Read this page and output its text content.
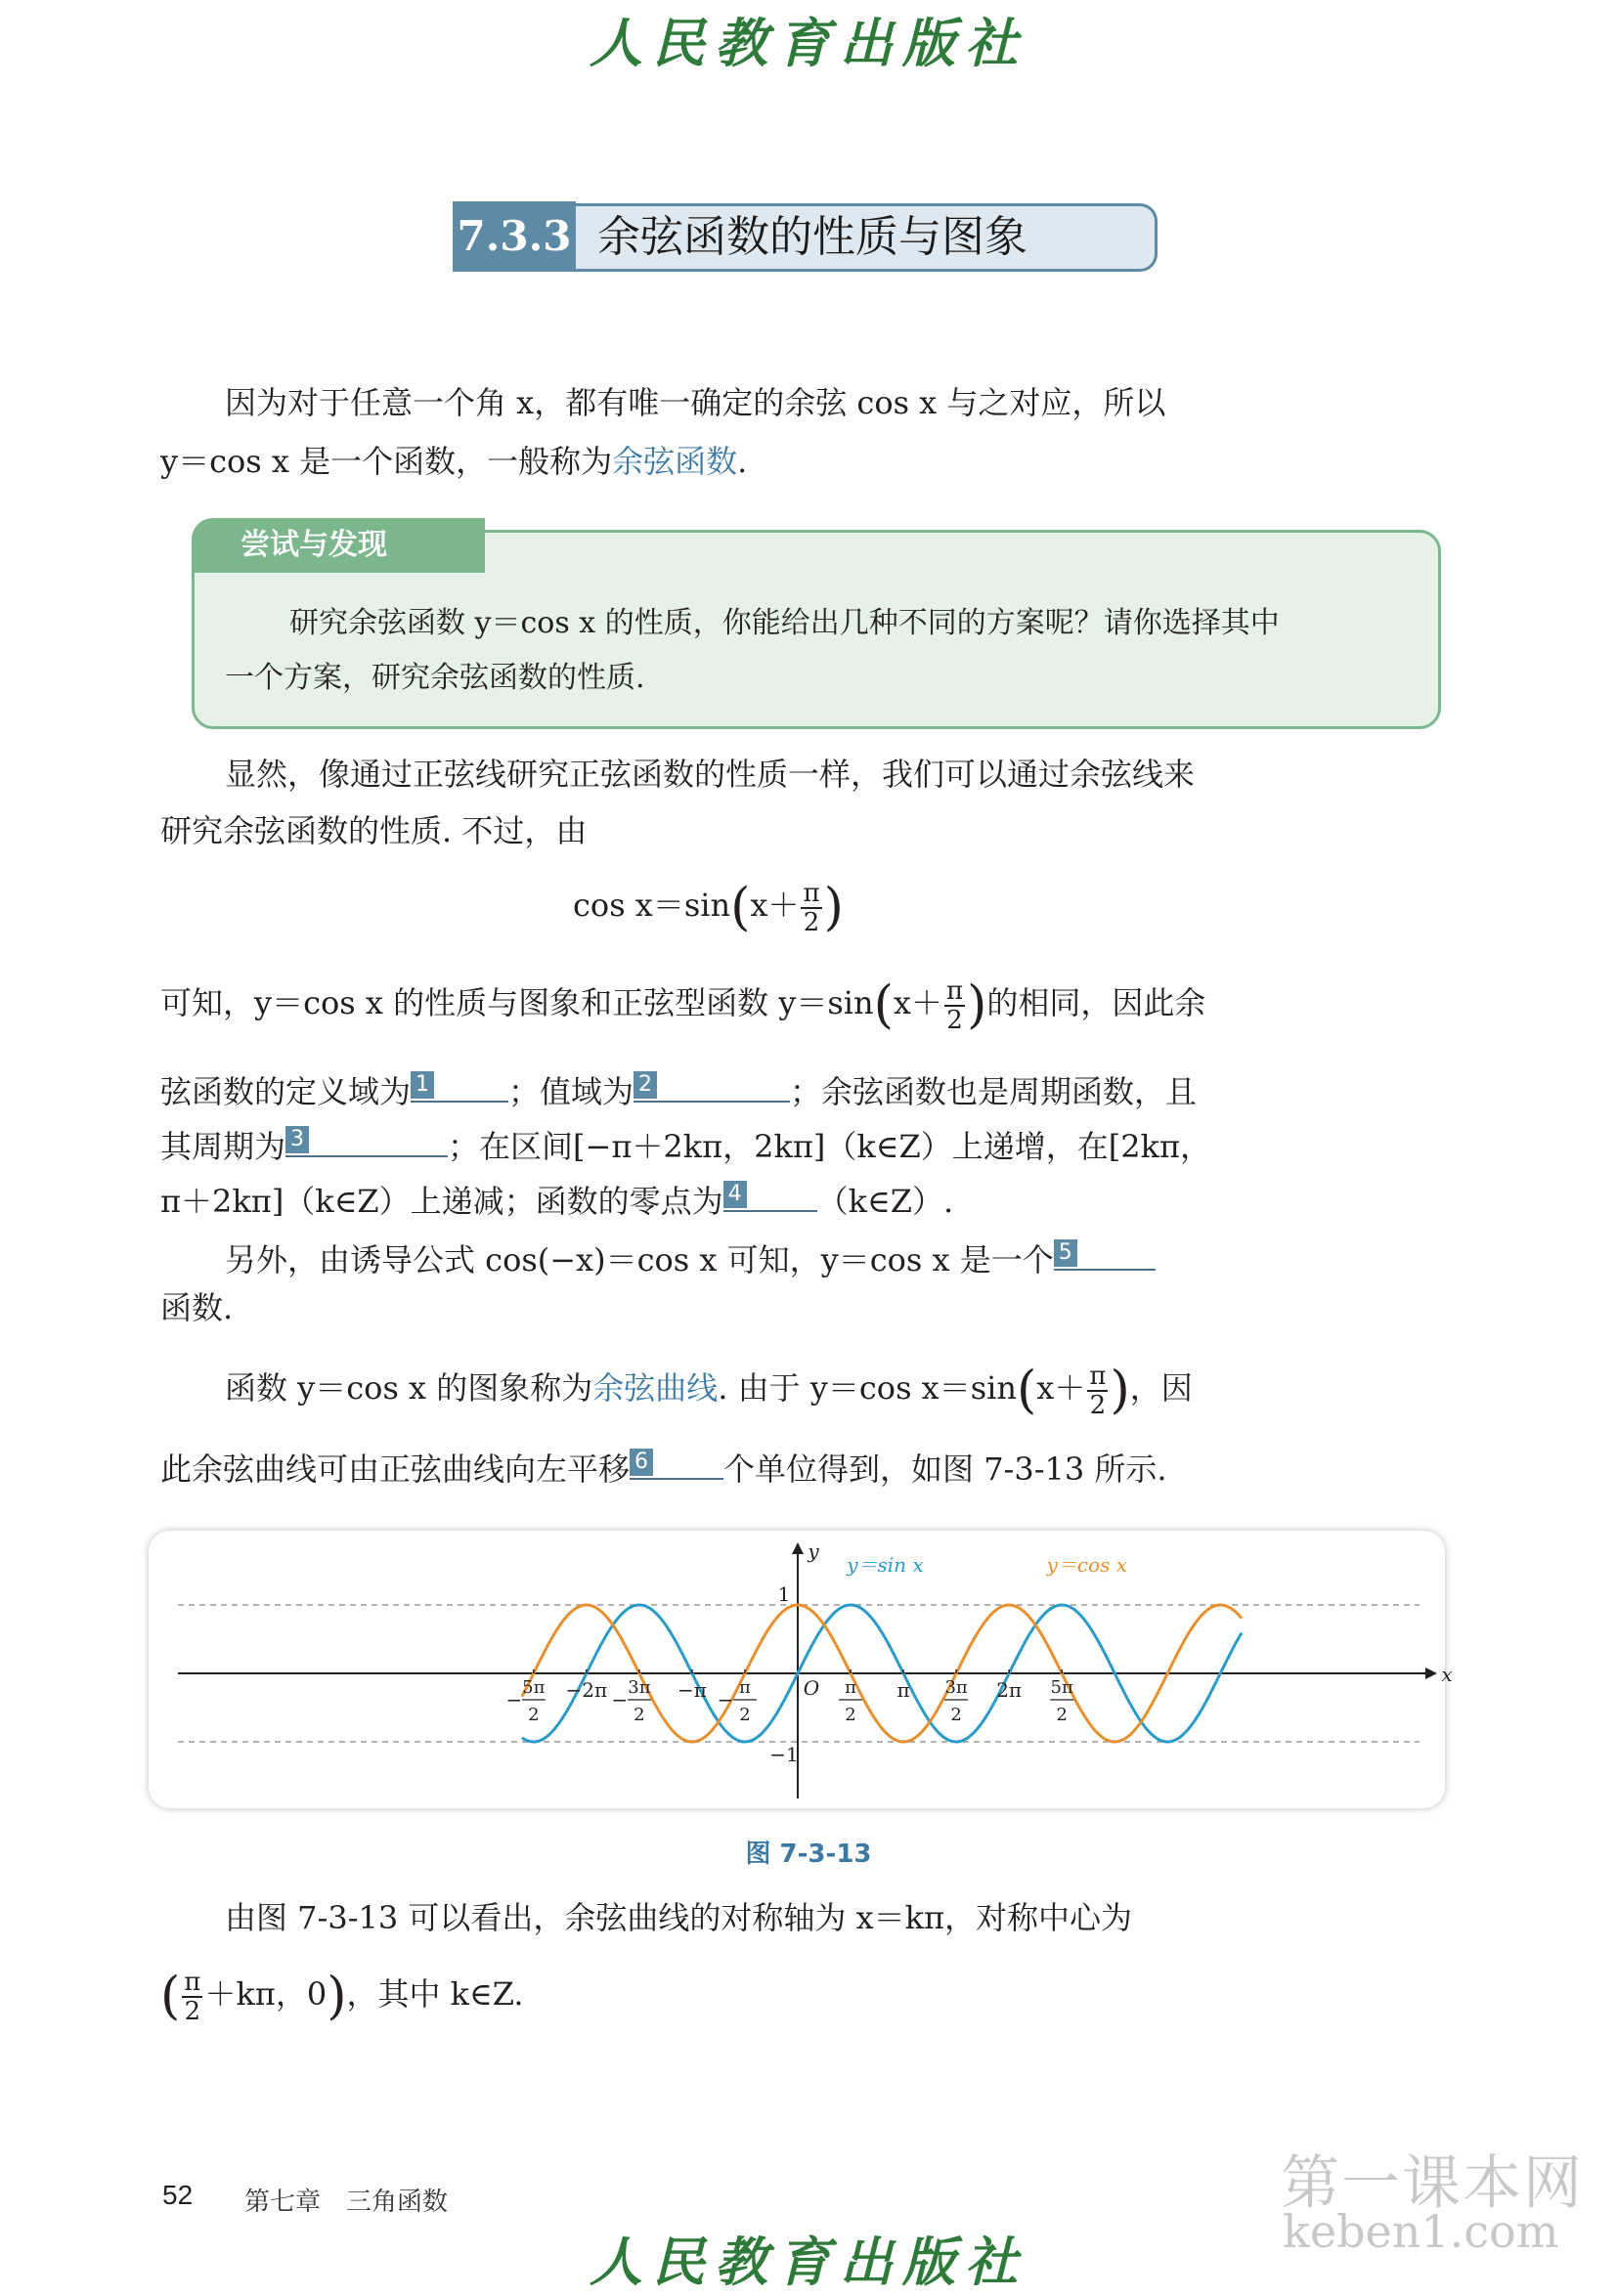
人民教育出版社
7.3.3 余弦函数的性质与图象
因为对于任意一个角 x，都有唯一确定的余弦 cos x 与之对应，所以
y＝cos x 是一个函数，一般称为余弦函数.
尝试与发现
研究余弦函数 y＝cos x 的性质，你能给出几种不同的方案呢？请你选择其中
一个方案，研究余弦函数的性质.
显然，像通过正弦线研究正弦函数的性质一样，我们可以通过余弦线来
研究余弦函数的性质. 不过，由
$\cos x=\sin(x+ \frac{\pi}{2}$ )
可知，y＝cos x 的性质与图象和正弦型函数 $y=\sin(x+ \frac{\pi}{2}$ )的相同，因此余
弦函数的定义域为 1	；值域为 2	；余弦函数也是周期函数，且
其周期为 3	；在区间[−π＋2kπ，2kπ]（k∈Z）上递增，在[2kπ，
π＋2kπ]（k∈Z）上递减；函数的零点为 4 （k∈Z）.
另外，由诱导公式 cos(−x)＝cos x 可知，y＝cos x 是一个 5
函数.
函数 y＝cos x 的图象称为余弦曲线. 由于 y＝cos $x=\sin(x+ \frac{\pi}{2}$ )，因
此余弦曲线可由正弦曲线向左平移 6 个单位得到，如图 7-3-13 所示.
x
y
O
1
−1
y＝sin x	y＝cos x
−
5π
2
−2π −
3π
2
−π −
π
2
π
2
π 3π
2
2π 5π
2
图 7-3-13
由图 7-3-13 可以看出，余弦曲线的对称轴为 x＝kπ，对称中心为
( $\frac{\pi}{2} +k\pi$，0)，其中 k∈Z.
52 第七章　三角函数	第一课本网
keben1.com
人民教育出版社
